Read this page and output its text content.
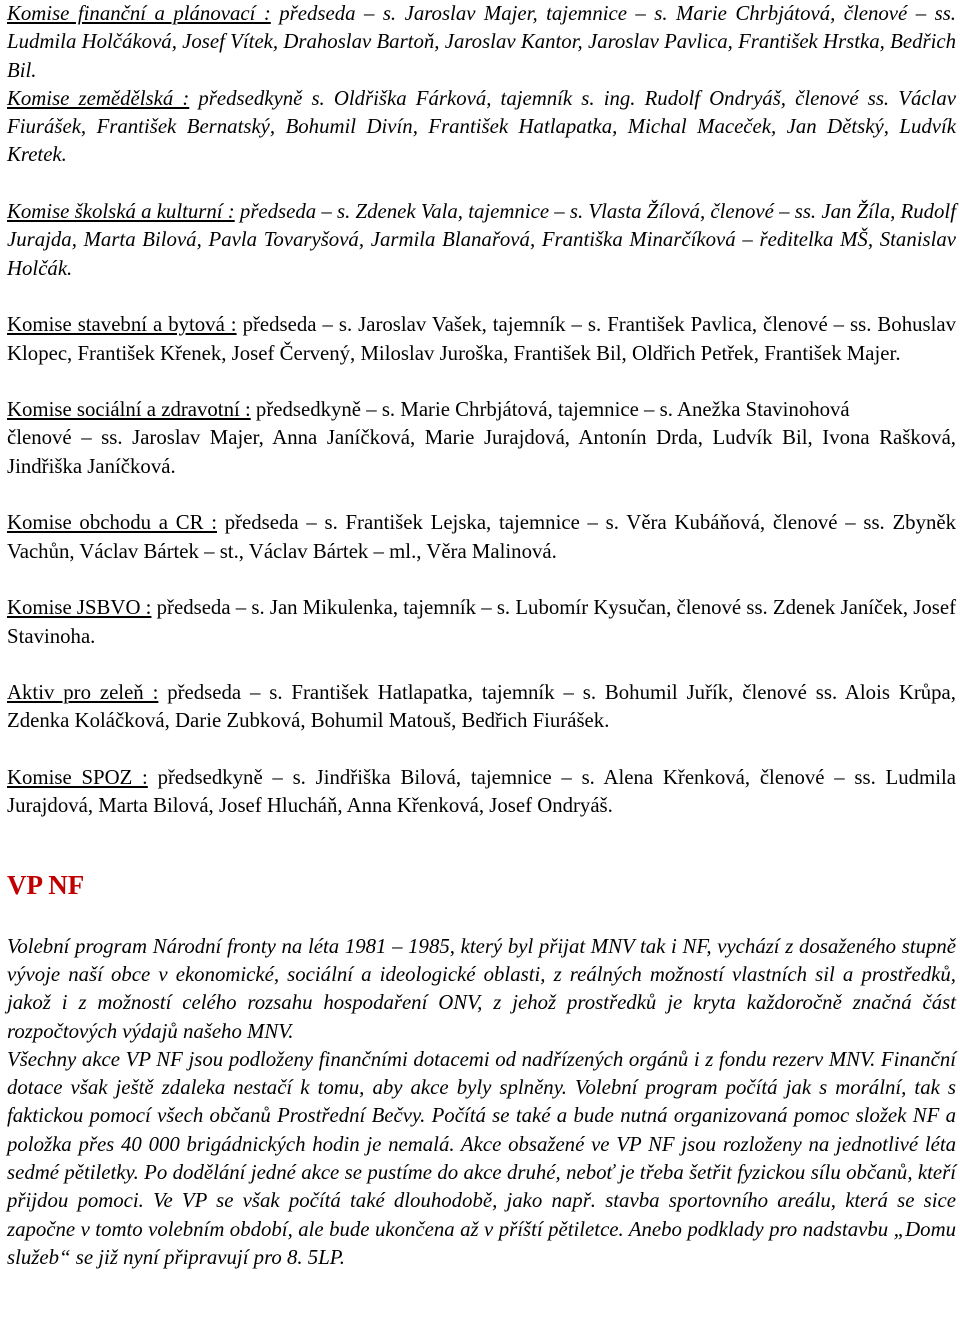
Komise finanční a plánovací : předseda – s. Jaroslav Majer, tajemnice – s. Marie Chrbjátová, členové – ss. Ludmila Holčáková, Josef Vítek, Drahoslav Bartoň, Jaroslav Kantor, Jaroslav Pavlica, František Hrstka, Bedřich Bil.

Komise zemědělská : předsedkyně s. Oldřiška Fárková, tajemník s. ing. Rudolf Ondryáš, členové ss. Václav Fiurášek, František Bernatský, Bohumil Divín, František Hatlapatka, Michal Maceček, Jan Dětský, Ludvík Kretek.

Komise školská a kulturní : předseda – s. Zdenek Vala, tajemnice – s. Vlasta Žílová, členové – ss. Jan Žíla, Rudolf Jurajda, Marta Bilová, Pavla Tovaryšová, Jarmila Blanařová, Františka Minarčíková – ředitelka MŠ, Stanislav Holčák.

Komise stavební a bytová : předseda – s. Jaroslav Vašek, tajemník – s. František Pavlica, členové – ss. Bohuslav Klopec, František Křenek, Josef Červený, Miloslav Juroška, František Bil, Oldřich Petřek, František Majer.

Komise sociální a zdravotní : předsedkyně – s. Marie Chrbjátová, tajemnice – s. Anežka Stavinohová

členové – ss. Jaroslav Majer, Anna Janíčková, Marie Jurajdová, Antonín Drda, Ludvík Bil, Ivona Rašková, Jindřiška Janíčková.

Komise obchodu a CR : předseda – s. František Lejska, tajemnice – s. Věra Kubáňová, členové – ss. Zbyněk Vachůn, Václav Bártek – st., Václav Bártek – ml., Věra Malinová.

Komise JSBVO : předseda – s. Jan Mikulenka, tajemník – s. Lubomír Kysučan, členové ss. Zdenek Janíček, Josef Stavinoha.

Aktiv pro zeleň : předseda – s. František Hatlapatka, tajemník – s. Bohumil Juřík, členové ss. Alois Krůpa, Zdenka Koláčková, Darie Zubková, Bohumil Matouš, Bedřich Fiurášek.

Komise SPOZ : předsedkyně – s. Jindřiška Bilová, tajemnice – s. Alena Křenková, členové – ss. Ludmila Jurajdová, Marta Bilová, Josef Hlucháň, Anna Křenková, Josef Ondryáš.

VP NF

Volební program Národní fronty na léta 1981 – 1985, který byl přijat MNV tak i NF, vychází z dosaženého stupně vývoje naší obce v ekonomické, sociální a ideologické oblasti, z reálných možností vlastních sil a prostředků, jakož i z možností celého rozsahu hospodaření ONV, z jehož prostředků je kryta každoročně značná část rozpočtových výdajů našeho MNV.

Všechny akce VP NF jsou podloženy finančními dotacemi od nadřízených orgánů i z fondu rezerv MNV. Finanční dotace však ještě zdaleka nestačí k tomu, aby akce byly splněny. Volební program počítá jak s morální, tak s faktickou pomocí všech občanů Prostřední Bečvy. Počítá se také a bude nutná organizovaná pomoc složek NF a položka přes 40 000 brigádnických hodin je nemalá. Akce obsažené ve VP NF jsou rozloženy na jednotlivé léta sedmé pětiletky. Po dodělání jedné akce se pustíme do akce druhé, neboť je třeba šetřit fyzickou sílu občanů, kteří přijdou pomoci. Ve VP se však počítá také dlouhodobě, jako např. stavba sportovního areálu, která se sice započne v tomto volebním období, ale bude ukončena až v příští pětiletce. Anebo podklady pro nadstavbu „Domu služeb“ se již nyní připravují pro 8. 5LP.
